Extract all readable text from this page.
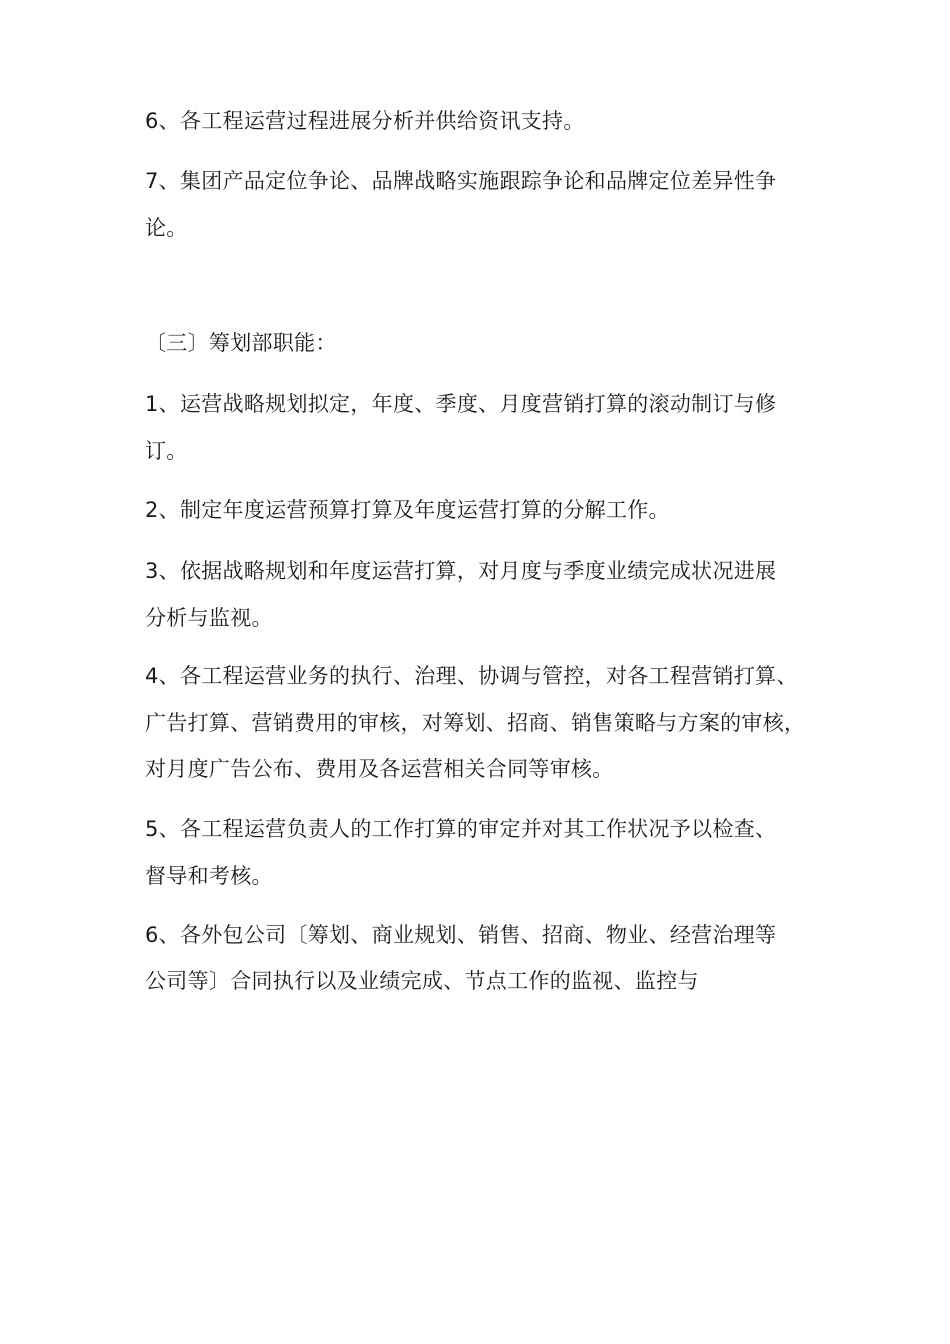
6、各工程运营过程进展分析并供给资讯支持。
7、集团产品定位争论、品牌战略实施跟踪争论和品牌定位差异性争
论。
〔三〕筹划部职能：
1、运营战略规划拟定，年度、季度、月度营销打算的滚动制订与修
订。
2、制定年度运营预算打算及年度运营打算的分解工作。
3、依据战略规划和年度运营打算，对月度与季度业绩完成状况进展
分析与监视。
4、各工程运营业务的执行、治理、协调与管控，对各工程营销打算、
广告打算、营销费用的审核，对筹划、招商、销售策略与方案的审核，
对月度广告公布、费用及各运营相关合同等审核。
5、各工程运营负责人的工作打算的审定并对其工作状况予以检查、
督导和考核。
6、各外包公司〔筹划、商业规划、销售、招商、物业、经营治理等
公司等〕合同执行以及业绩完成、节点工作的监视、监控与
